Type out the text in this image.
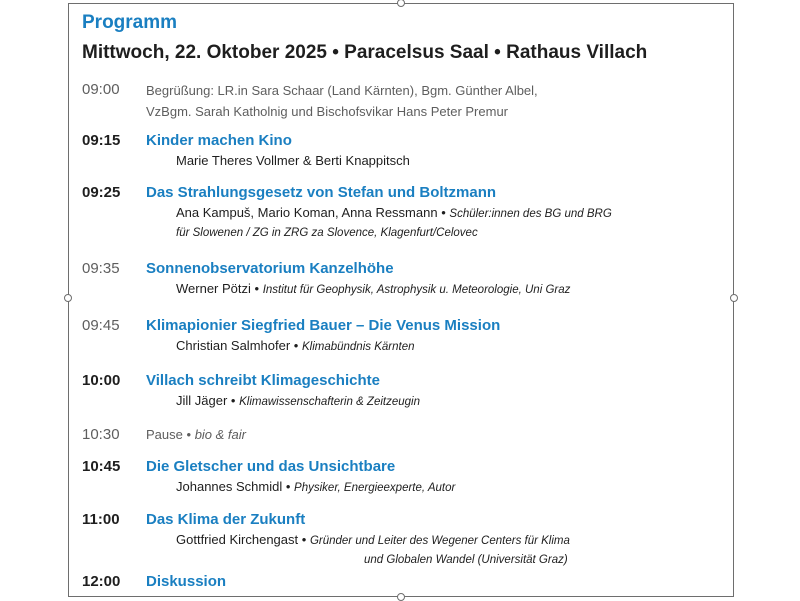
Programm
Mittwoch, 22. Oktober 2025 • Paracelsus Saal • Rathaus Villach
09:00	Begrüßung: LR.in Sara Schaar (Land Kärnten), Bgm. Günther Albel,
VzBgm. Sarah Katholnig und Bischofsvikar Hans Peter Premur
09:15	Kinder machen Kino
Marie Theres Vollmer & Berti Knappitsch
09:25	Das Strahlungsgesetz von Stefan und Boltzmann
Ana Kampuš, Mario Koman, Anna Ressmann • Schüler:innen des BG und BRG
für Slowenen / ZG in ZRG za Slovence, Klagenfurt/Celovec
09:35	Sonnenobservatorium Kanzelhöhe
Werner Pötzi • Institut für Geophysik, Astrophysik u. Meteorologie, Uni Graz
09:45	Klimapionier Siegfried Bauer – Die Venus Mission
Christian Salmhofer • Klimabündnis Kärnten
10:00	Villach schreibt Klimageschichte
Jill Jäger • Klimawissenschafterin & Zeitzeugin
10:30	Pause • bio & fair
10:45	Die Gletscher und das Unsichtbare
Johannes Schmidl • Physiker, Energieexperte, Autor
11:00	Das Klima der Zukunft
Gottfried Kirchengast • Gründer und Leiter des Wegener Centers für Klima
und Globalen Wandel (Universität Graz)
12:00	Diskussion
